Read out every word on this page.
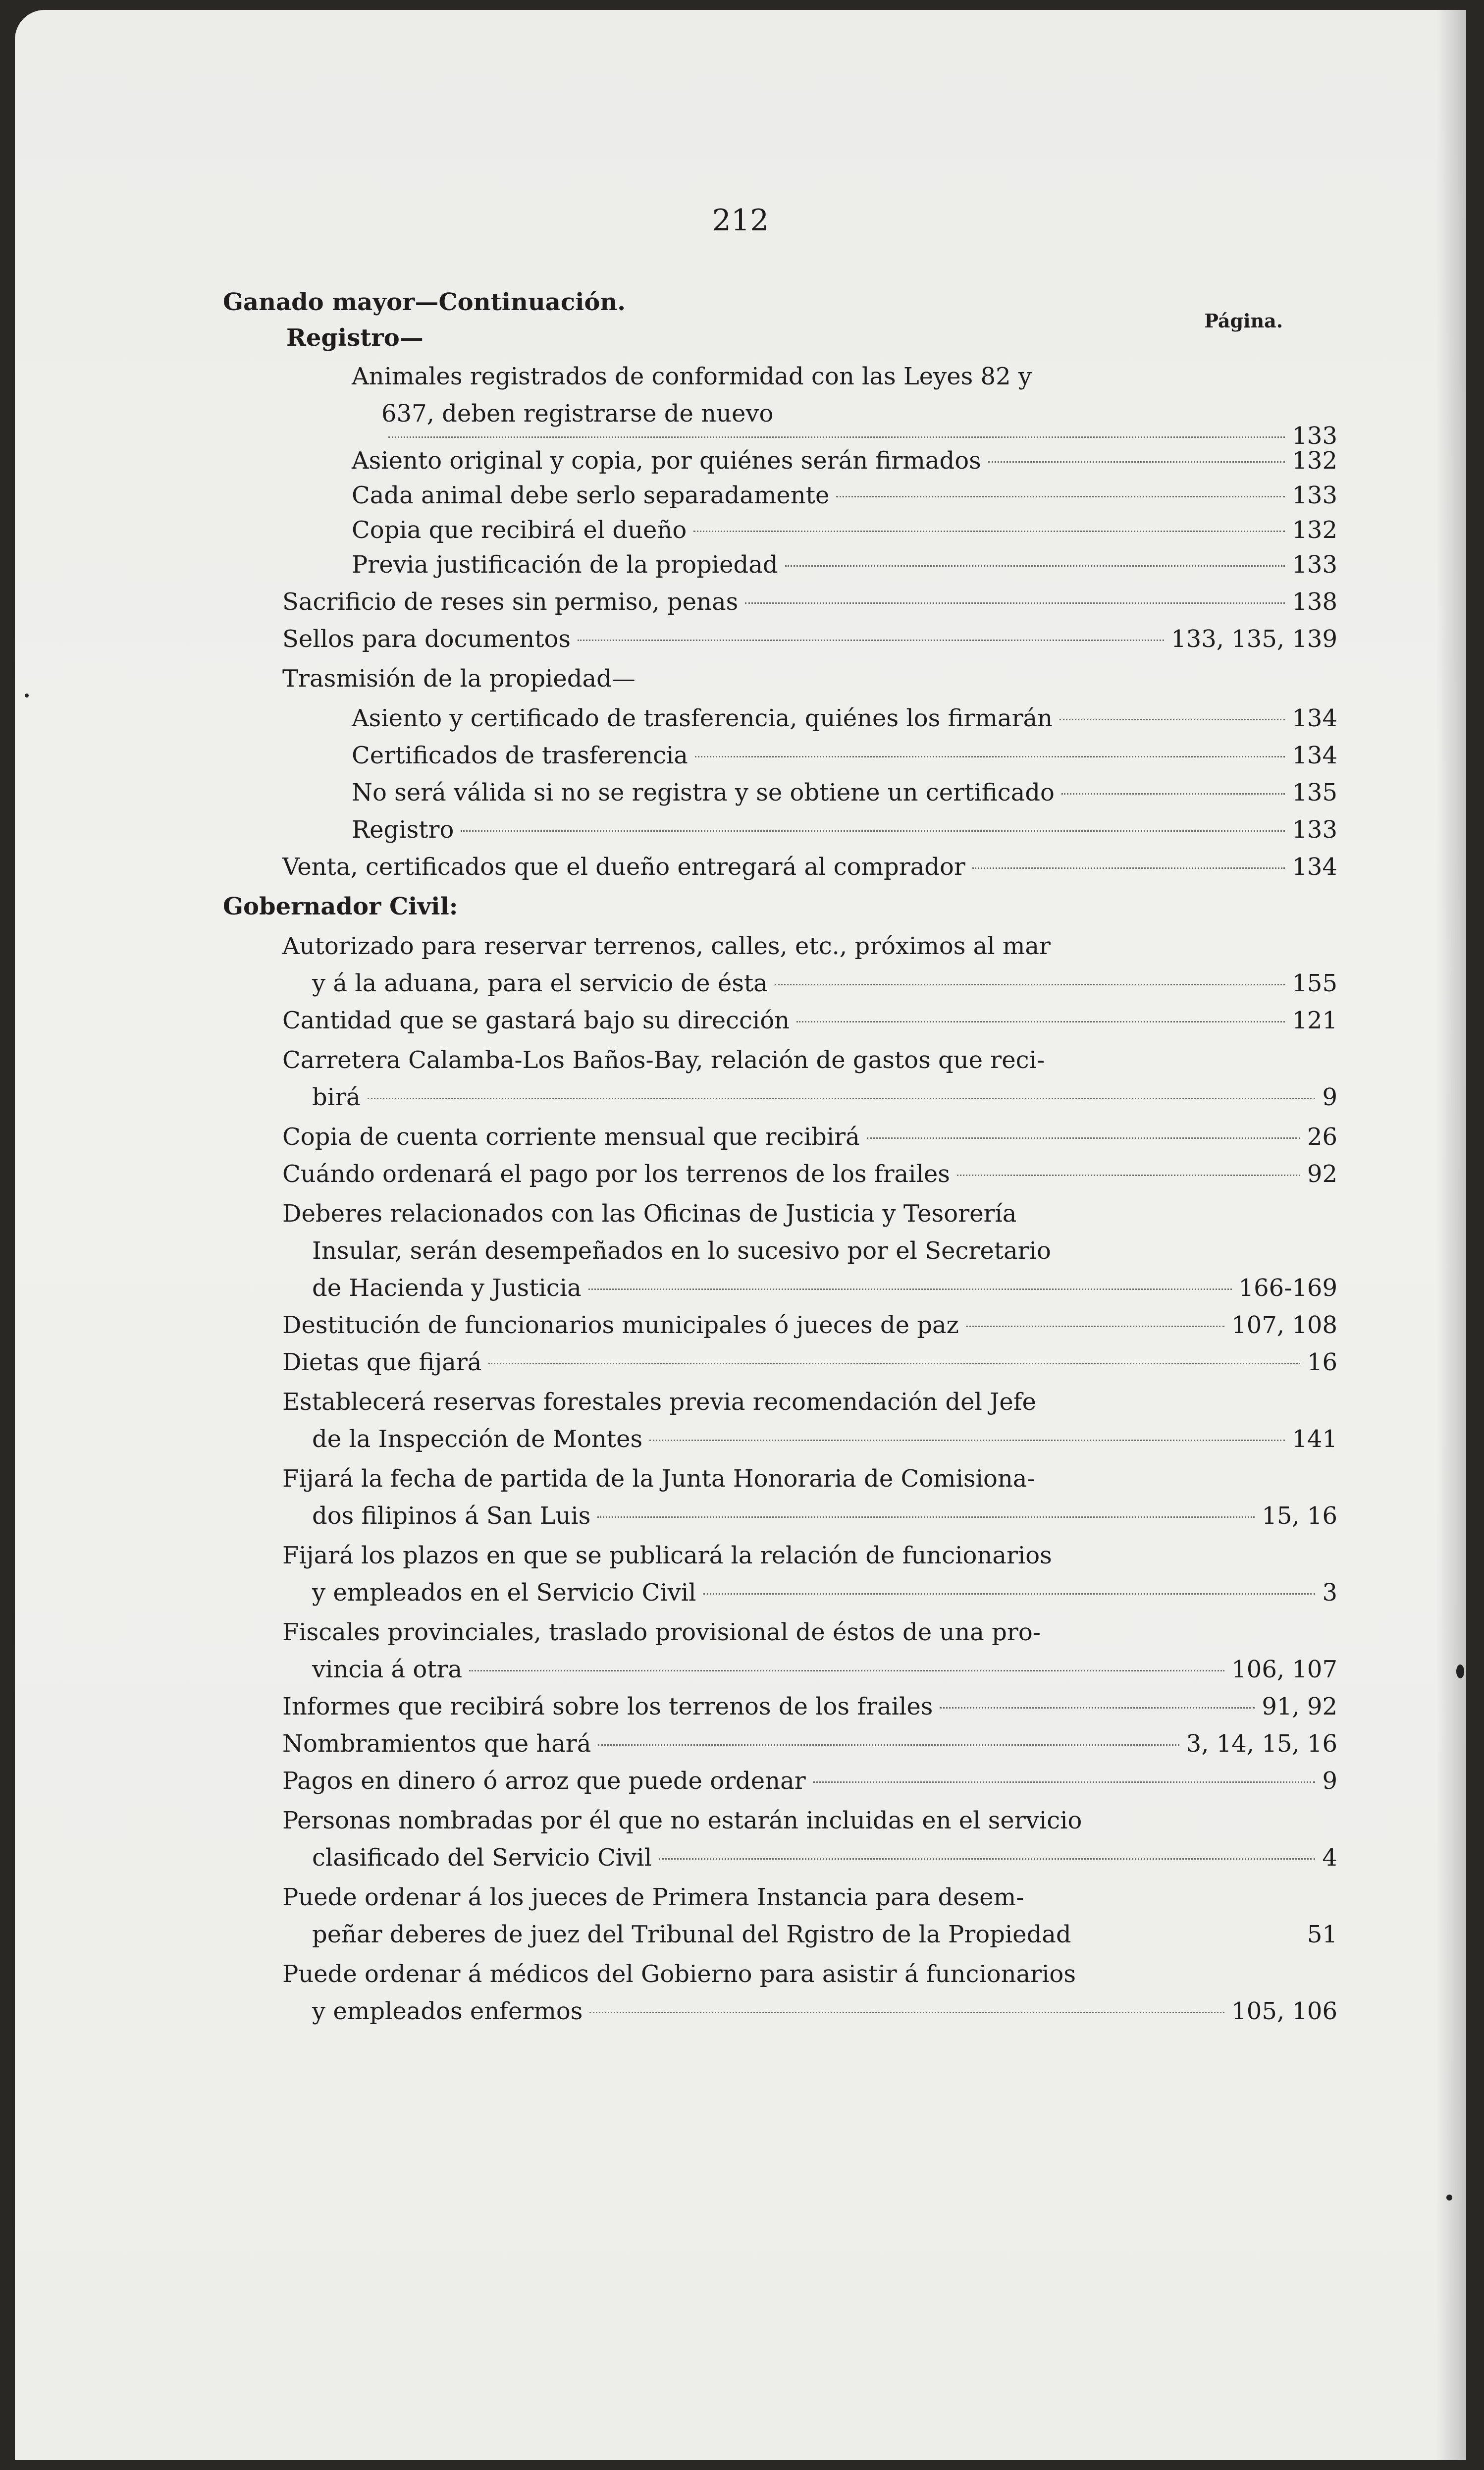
212
Página.
Ganado mayor—Continuación.
Registro—
Animales registrados de conformidad con las Leyes 82 y
637, deben registrarse de nuevo
133
Asiento original y copia, por quiénes serán firmados	132
Cada animal debe serlo separadamente	133
Copia que recibirá el dueño	132
Previa justificación de la propiedad	133
Sacrificio de reses sin permiso, penas	138
Sellos para documentos	133, 135, 139
Trasmisión de la propiedad—
Asiento y certificado de trasferencia, quiénes los firmarán	134
Certificados de trasferencia	134
No será válida si no se registra y se obtiene un certificado	135
Registro	133
Venta, certificados que el dueño entregará al comprador	134
Gobernador Civil:
Autorizado para reservar terrenos, calles, etc., próximos al mar
y á la aduana, para el servicio de ésta	155
Cantidad que se gastará bajo su dirección	121
Carretera Calamba-Los Baños-Bay, relación de gastos que reci-
birá	9
Copia de cuenta corriente mensual que recibirá	26
Cuándo ordenará el pago por los terrenos de los frailes	92
Deberes relacionados con las Oficinas de Justicia y Tesorería
Insular, serán desempeñados en lo sucesivo por el Secretario
de Hacienda y Justicia	166-169
Destitución de funcionarios municipales ó jueces de paz	107, 108
Dietas que fijará	16
Establecerá reservas forestales previa recomendación del Jefe
de la Inspección de Montes	141
Fijará la fecha de partida de la Junta Honoraria de Comisiona-
dos filipinos á San Luis	15, 16
Fijará los plazos en que se publicará la relación de funcionarios
y empleados en el Servicio Civil	3
Fiscales provinciales, traslado provisional de éstos de una pro-
vincia á otra	106, 107
Informes que recibirá sobre los terrenos de los frailes	91, 92
Nombramientos que hará	3, 14, 15, 16
Pagos en dinero ó arroz que puede ordenar	9
Personas nombradas por él que no estarán incluidas en el servicio
clasificado del Servicio Civil	4
Puede ordenar á los jueces de Primera Instancia para desem-
peñar deberes de juez del Tribunal del Rgistro de la Propiedad	51
Puede ordenar á médicos del Gobierno para asistir á funcionarios
y empleados enfermos	105, 106
